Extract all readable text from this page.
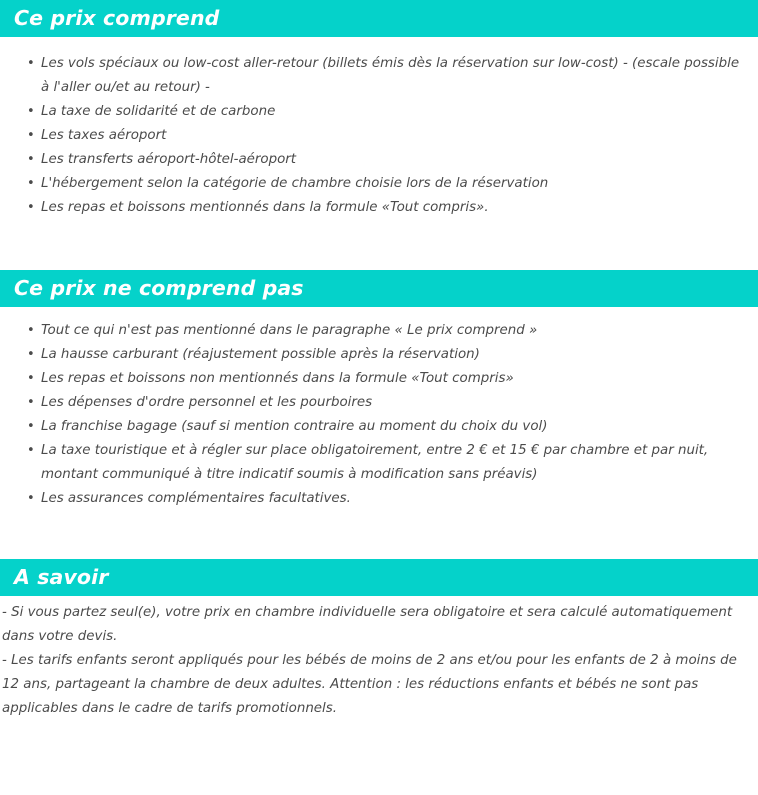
Ce prix comprend
• Les vols spéciaux ou low-cost aller-retour (billets émis dès la réservation sur low-cost) - (escale possible à l'aller ou/et au retour) -
• La taxe de solidarité et de carbone
• Les taxes aéroport
• Les transferts aéroport-hôtel-aéroport
• L'hébergement selon la catégorie de chambre choisie lors de la réservation
• Les repas et boissons mentionnés dans la formule «Tout compris».
Ce prix ne comprend pas
• Tout ce qui n'est pas mentionné dans le paragraphe « Le prix comprend »
• La hausse carburant (réajustement possible après la réservation)
• Les repas et boissons non mentionnés dans la formule «Tout compris»
• Les dépenses d'ordre personnel et les pourboires
• La franchise bagage (sauf si mention contraire au moment du choix du vol)
• La taxe touristique et à régler sur place obligatoirement, entre 2 € et 15 € par chambre et par nuit, montant communiqué à titre indicatif soumis à modification sans préavis)
• Les assurances complémentaires facultatives.
A savoir

- Si vous partez seul(e), votre prix en chambre individuelle sera obligatoire et sera calculé automatiquement dans votre devis.

- Les tarifs enfants seront appliqués pour les bébés de moins de 2 ans et/ou pour les enfants de 2 à moins de 12 ans, partageant la chambre de deux adultes. Attention : les réductions enfants et bébés ne sont pas applicables dans le cadre de tarifs promotionnels.
